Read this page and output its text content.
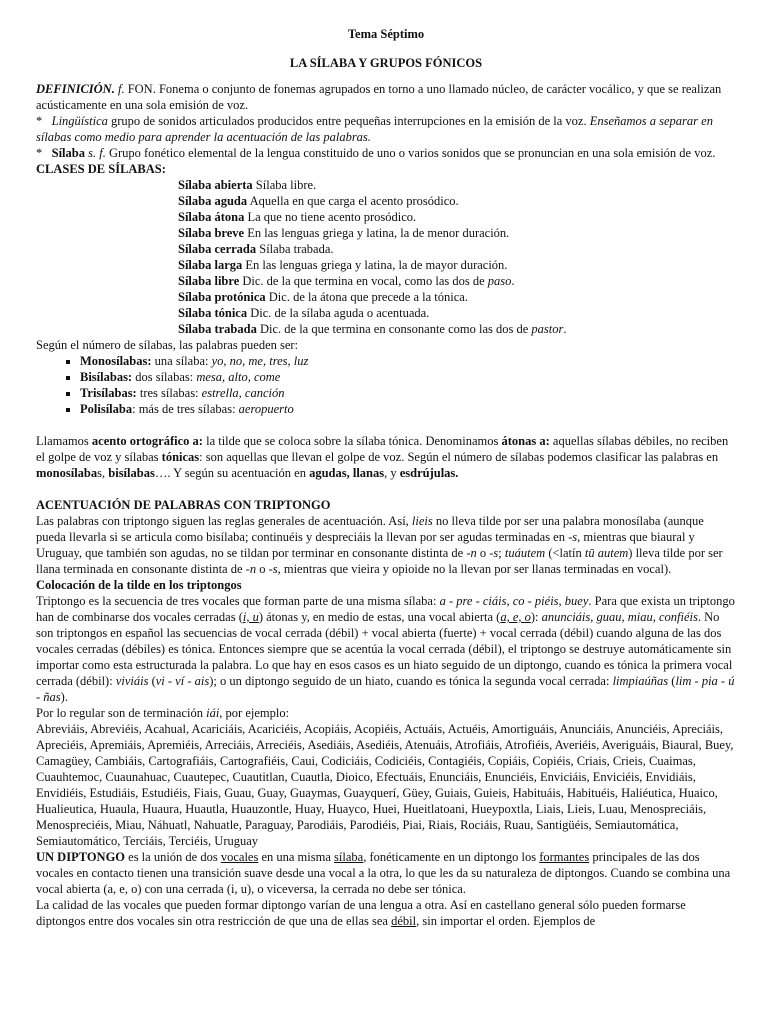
Tema Séptimo
LA SÍLABA Y GRUPOS FÓNICOS

DEFINICIÓN. f. FON. Fonema o conjunto de fonemas agrupados en torno a uno llamado núcleo, de carácter vocálico, y que se realizan acústicamente en una sola emisión de voz.

* Lingüística grupo de sonidos articulados producidos entre pequeñas interrupciones en la emisión de la voz. Enseñamos a separar en sílabas como medio para aprender la acentuación de las palabras.

* Sílaba s. f. Grupo fonético elemental de la lengua constituido de uno o varios sonidos que se pronuncian en una sola emisión de voz.

CLASES DE SÍLABAS:

Sílaba abierta Sílaba libre.

Sílaba aguda Aquella en que carga el acento prosódico.

Sílaba átona La que no tiene acento prosódico.

Sílaba breve En las lenguas griega y latina, la de menor duración.

Sílaba cerrada Sílaba trabada.

Sílaba larga En las lenguas griega y latina, la de mayor duración.

Sílaba libre Dic. de la que termina en vocal, como las dos de paso.

Sílaba protónica Dic. de la átona que precede a la tónica.

Sílaba tónica Dic. de la sílaba aguda o acentuada.

Sílaba trabada Dic. de la que termina en consonante como las dos de pastor.

Según el número de sílabas, las palabras pueden ser:

▪ Monosílabas: una sílaba: yo, no, me, tres, luz
▪ Bisílabas: dos sílabas: mesa, alto, come
▪ Trisílabas: tres sílabas: estrella, canción
▪ Polisílaba: más de tres sílabas: aeropuerto

Llamamos acento ortográfico a: la tilde que se coloca sobre la sílaba tónica. Denominamos átonas a: aquellas sílabas débiles, no reciben el golpe de voz y sílabas tónicas: son aquellas que llevan el golpe de voz. Según el número de sílabas podemos clasificar las palabras en monosílabas, bisílabas…. Y según su acentuación en agudas, llanas, y esdrújulas.

ACENTUACIÓN DE PALABRAS CON TRIPTONGO

Las palabras con triptongo siguen las reglas generales de acentuación. Así, lieis no lleva tilde por ser una palabra monosílaba (aunque pueda llevarla si se articula como bisílaba; continuéis y despreciáis la llevan por ser agudas terminadas en -s, mientras que biaural y Uruguay, que también son agudas, no se tildan por terminar en consonante distinta de -n o -s; tuáutem (<latín tū autem) lleva tilde por ser llana terminada en consonante distinta de -n o -s, mientras que vieira y opioide no la llevan por ser llanas terminadas en vocal).

Colocación de la tilde en los triptongos

Triptongo es la secuencia de tres vocales que forman parte de una misma sílaba: a - pre - ciáis, co - piéis, buey. Para que exista un triptongo han de combinarse dos vocales cerradas (i, u) átonas y, en medio de estas, una vocal abierta (a, e, o): anunciáis, guau, miau, confiéis. No son triptongos en español las secuencias de vocal cerrada (débil) + vocal abierta (fuerte) + vocal cerrada (débil) cuando alguna de las dos vocales cerradas (débiles) es tónica. Entonces siempre que se acentúa la vocal cerrada (débil), el triptongo se destruye automáticamente sin importar como esta estructurada la palabra. Lo que hay en esos casos es un hiato seguido de un diptongo, cuando es tónica la primera vocal cerrada (débil): viviáis (vi - ví - ais); o un diptongo seguido de un hiato, cuando es tónica la segunda vocal cerrada: limpiaúñas (lim - pia - ú - ñas).

Por lo regular son de terminación iái, por ejemplo:

Abreviáis, Abreviéis, Acahual, Acariciáis, Acariciéis, Acopiáis, Acopiéis, Actuáis, Actuéis, Amortiguáis, Anunciáis, Anunciéis, Apreciáis, Apreciéis, Apremiáis, Apremiéis, Arreciáis, Arreciéis, Asediáis, Asediéis, Atenuáis, Atrofiáis, Atrofiéis, Averiéis, Averiguáis, Biaural, Buey, Camagüey, Cambiáis, Cartografiáis, Cartografiéis, Caui, Codiciáis, Codiciéis, Contagiéis, Copiáis, Copiéis, Criais, Crieis, Cuaimas, Cuauhtemoc, Cuaunahuac, Cuautepec, Cuautitlan, Cuautla, Dioico, Efectuáis, Enunciáis, Enunciéis, Enviciáis, Enviciéis, Envidiáis, Envidiéis, Estudiáis, Estudiéis, Fiais, Guau, Guay, Guaymas, Guayquerí, Güey, Guiais, Guieis, Habituáis, Habituéis, Haliéutica, Huaico, Hualieutica, Huaula, Huaura, Huautla, Huauzontle, Huay, Huayco, Huei, Hueitlatoani, Hueypoxtla, Liais, Lieis, Luau, Menospreciáis, Menospreciéis, Miau, Náhuatl, Nahuatle, Paraguay, Parodiáis, Parodiéis, Piai, Riais, Rociáis, Ruau, Santigüéis, Semiautomática, Semiautomático, Terciáis, Terciéis, Uruguay

UN DIPTONGO es la unión de dos vocales en una misma sílaba, fonéticamente en un diptongo los formantes principales de las dos vocales en contacto tienen una transición suave desde una vocal a la otra, lo que les da su naturaleza de diptongos. Cuando se combina una vocal abierta (a, e, o) con una cerrada (i, u), o viceversa, la cerrada no debe ser tónica.

La calidad de las vocales que pueden formar diptongo varían de una lengua a otra. Así en castellano general sólo pueden formarse diptongos entre dos vocales sin otra restricción de que una de ellas sea débil, sin importar el orden. Ejemplos de
